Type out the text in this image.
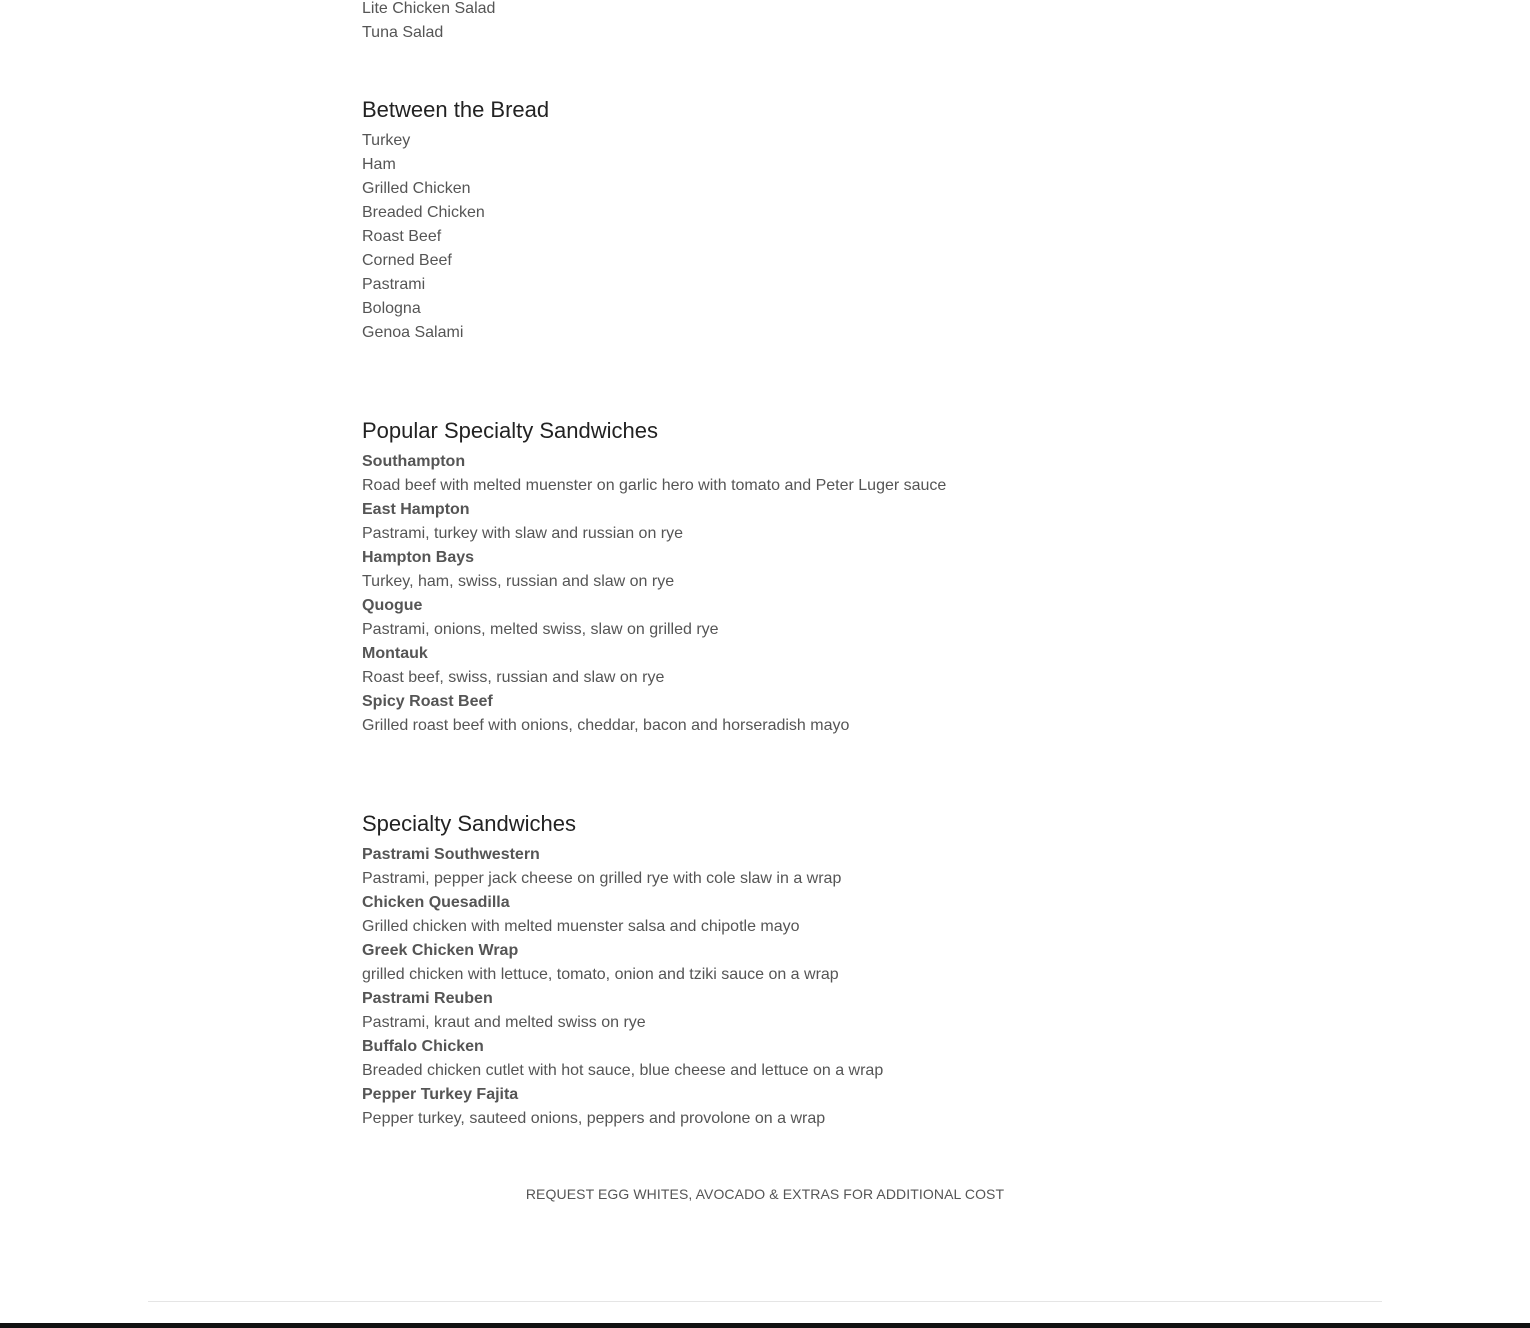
Lite Chicken Salad
Tuna Salad
Between the Bread
Turkey
Ham
Grilled Chicken
Breaded Chicken
Roast Beef
Corned Beef
Pastrami
Bologna
Genoa Salami
Popular Specialty Sandwiches
Southampton
Road beef with melted muenster on garlic hero with tomato and Peter Luger sauce
East Hampton
Pastrami, turkey with slaw and russian on rye
Hampton Bays
Turkey, ham, swiss, russian and slaw on rye
Quogue
Pastrami, onions, melted swiss, slaw on grilled rye
Montauk
Roast beef, swiss, russian and slaw on rye
Spicy Roast Beef
Grilled roast beef with onions, cheddar, bacon and horseradish mayo
Specialty Sandwiches
Pastrami Southwestern
Pastrami, pepper jack cheese on grilled rye with cole slaw in a wrap
Chicken Quesadilla
Grilled chicken with melted muenster salsa and chipotle mayo
Greek Chicken Wrap
grilled chicken with lettuce, tomato, onion and tziki sauce on a wrap
Pastrami Reuben
Pastrami, kraut and melted swiss on rye
Buffalo Chicken
Breaded chicken cutlet with hot sauce, blue cheese and lettuce on a wrap
Pepper Turkey Fajita
Pepper turkey, sauteed onions, peppers and provolone on a wrap
REQUEST EGG WHITES, AVOCADO & EXTRAS FOR ADDITIONAL COST
